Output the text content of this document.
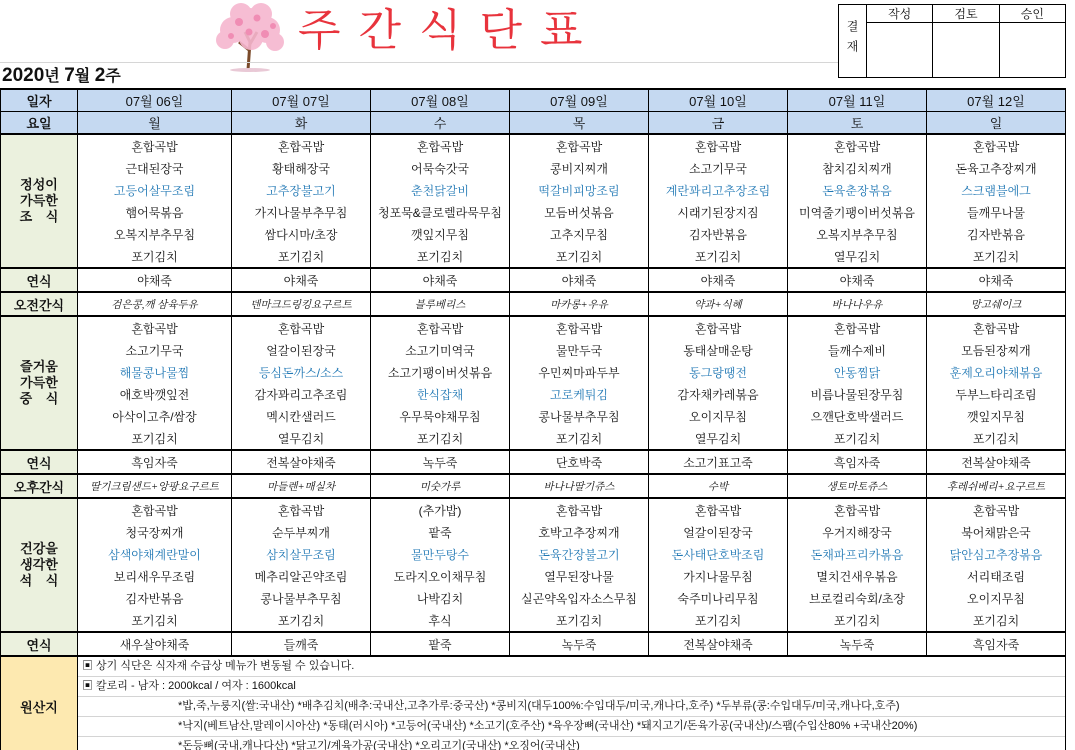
주 간 식 단 표
2020년 7월 2주
결재	작성	검토	승인

일자	07월 06일	07월 07일	07월 08일	07월 09일	07월 10일	07월 11일	07월 12일
요일	월	화	수	목	금	토	일

정성이
가득한
조 식	혼합곡밥	혼합곡밥	혼합곡밥	혼합곡밥	혼합곡밥	혼합곡밥	혼합곡밥
	근대된장국	황태해장국	어묵숙갓국	콩비지찌개	소고기무국	참치김치찌개	돈육고추장찌개
	고등어살무조림	고추장불고기	춘천닭갈비	떡갈비피망조림	계란꽈리고추장조림	돈육춘장볶음	스크램블에그
	햄어묵볶음	가지나물부추무침	청포묵&클로렐라묵무침	모듬버섯볶음	시래기된장지짐	미역줄기팽이버섯볶음	들깨무나물
	오복지부추무침	쌈다시마/초장	깻잎지무침	고추지무침	김자반볶음	오복지부추무침	김자반볶음
	포기김치	포기김치	포기김치	포기김치	포기김치	열무김치	포기김치
연식	야채죽	야채죽	야채죽	야채죽	야채죽	야채죽	야채죽
오전간식	검은콩,깨 삼육두유	덴마크드링킹요구르트	블루베리스	마카롱+우유	약과+식혜	바나나우유	망고쉐이크

즐거움
가득한
중 식	혼합곡밥	혼합곡밥	혼합곡밥	혼합곡밥	혼합곡밥	혼합곡밥	혼합곡밥
	소고기무국	얼갈이된장국	소고기미역국	물만두국	동태살매운탕	들깨수제비	모듬된장찌개
	해물콩나물찜	등심돈까스/소스	소고기팽이버섯볶음	우민찌마파두부	동그랑땡전	안동찜닭	훈제오리야채볶음
	애호박깻잎전	감자꽈리고추조림	한식잡채	고로케튀김	감자채카레볶음	비름나물된장무침	두부느타리조림
	아삭이고추/쌈장	멕시칸샐러드	우무묵야채무침	콩나물부추무침	오이지무침	으깬단호박샐러드	깻잎지무침
	포기김치	열무김치	포기김치	포기김치	열무김치	포기김치	포기김치
연식	흑임자죽	전복살야채죽	녹두죽	단호박죽	소고기표고죽	흑임자죽	전복살야채죽
오후간식	딸기크림샌드+앙팡요구르트	마들렌+매실차	미숫가루	바나나딸기쥬스	수박	생토마토쥬스	후레쉬베리+요구르트

건강을
생각한
석 식	혼합곡밥	혼합곡밥	(추가밥)	혼합곡밥	혼합곡밥	혼합곡밥	혼합곡밥
	청국장찌개	순두부찌개	팥죽	호박고추장찌개	얼갈이된장국	우거지해장국	북어채맑은국
	삼색야채계란말이	삼치살무조림	물만두탕수	돈육간장불고기	돈사태단호박조림	돈채파프리카볶음	닭안심고추장볶음
	보리새우무조림	메추리알곤약조림	도라지오이채무침	열무된장나물	가지나물무침	멸치건새우볶음	서리태조림
	김자반볶음	콩나물부추무침	나박김치	실곤약옥입자소스무침	숙주미나리무침	브로컬리숙회/초장	오이지무침
	포기김치	포기김치	후식	포기김치	포기김치	포기김치	포기김치
연식	새우살야채죽	들깨죽	팥죽	녹두죽	전복살야채죽	녹두죽	흑임자죽
원산지	▣ 상기 식단은 식자재 수급상 메뉴가 변동될 수 있습니다.
▣ 칼로리 - 남자 : 2000kcal / 여자 : 1600kcal
*밥,죽,누룽지(쌀:국내산) *배추김치(배추:국내산,고추가루:중국산) *콩비지(대두100%:수입대두/미국,캐나다,호주) *두부류(콩:수입대두/미국,캐나다,호주)
*낙지(베트남산,말레이시아산) *동태(러시아) *고등어(국내산) *소고기(호주산) *육우장뼈(국내산) *돼지고기/돈육가공(국내산)/스팸(수입산80% +국내산20%)
*돈등뼈(국내,캐나다산) *닭고기/계육가공(국내산) *오리고기(국내산) *오징어(국내산)						
